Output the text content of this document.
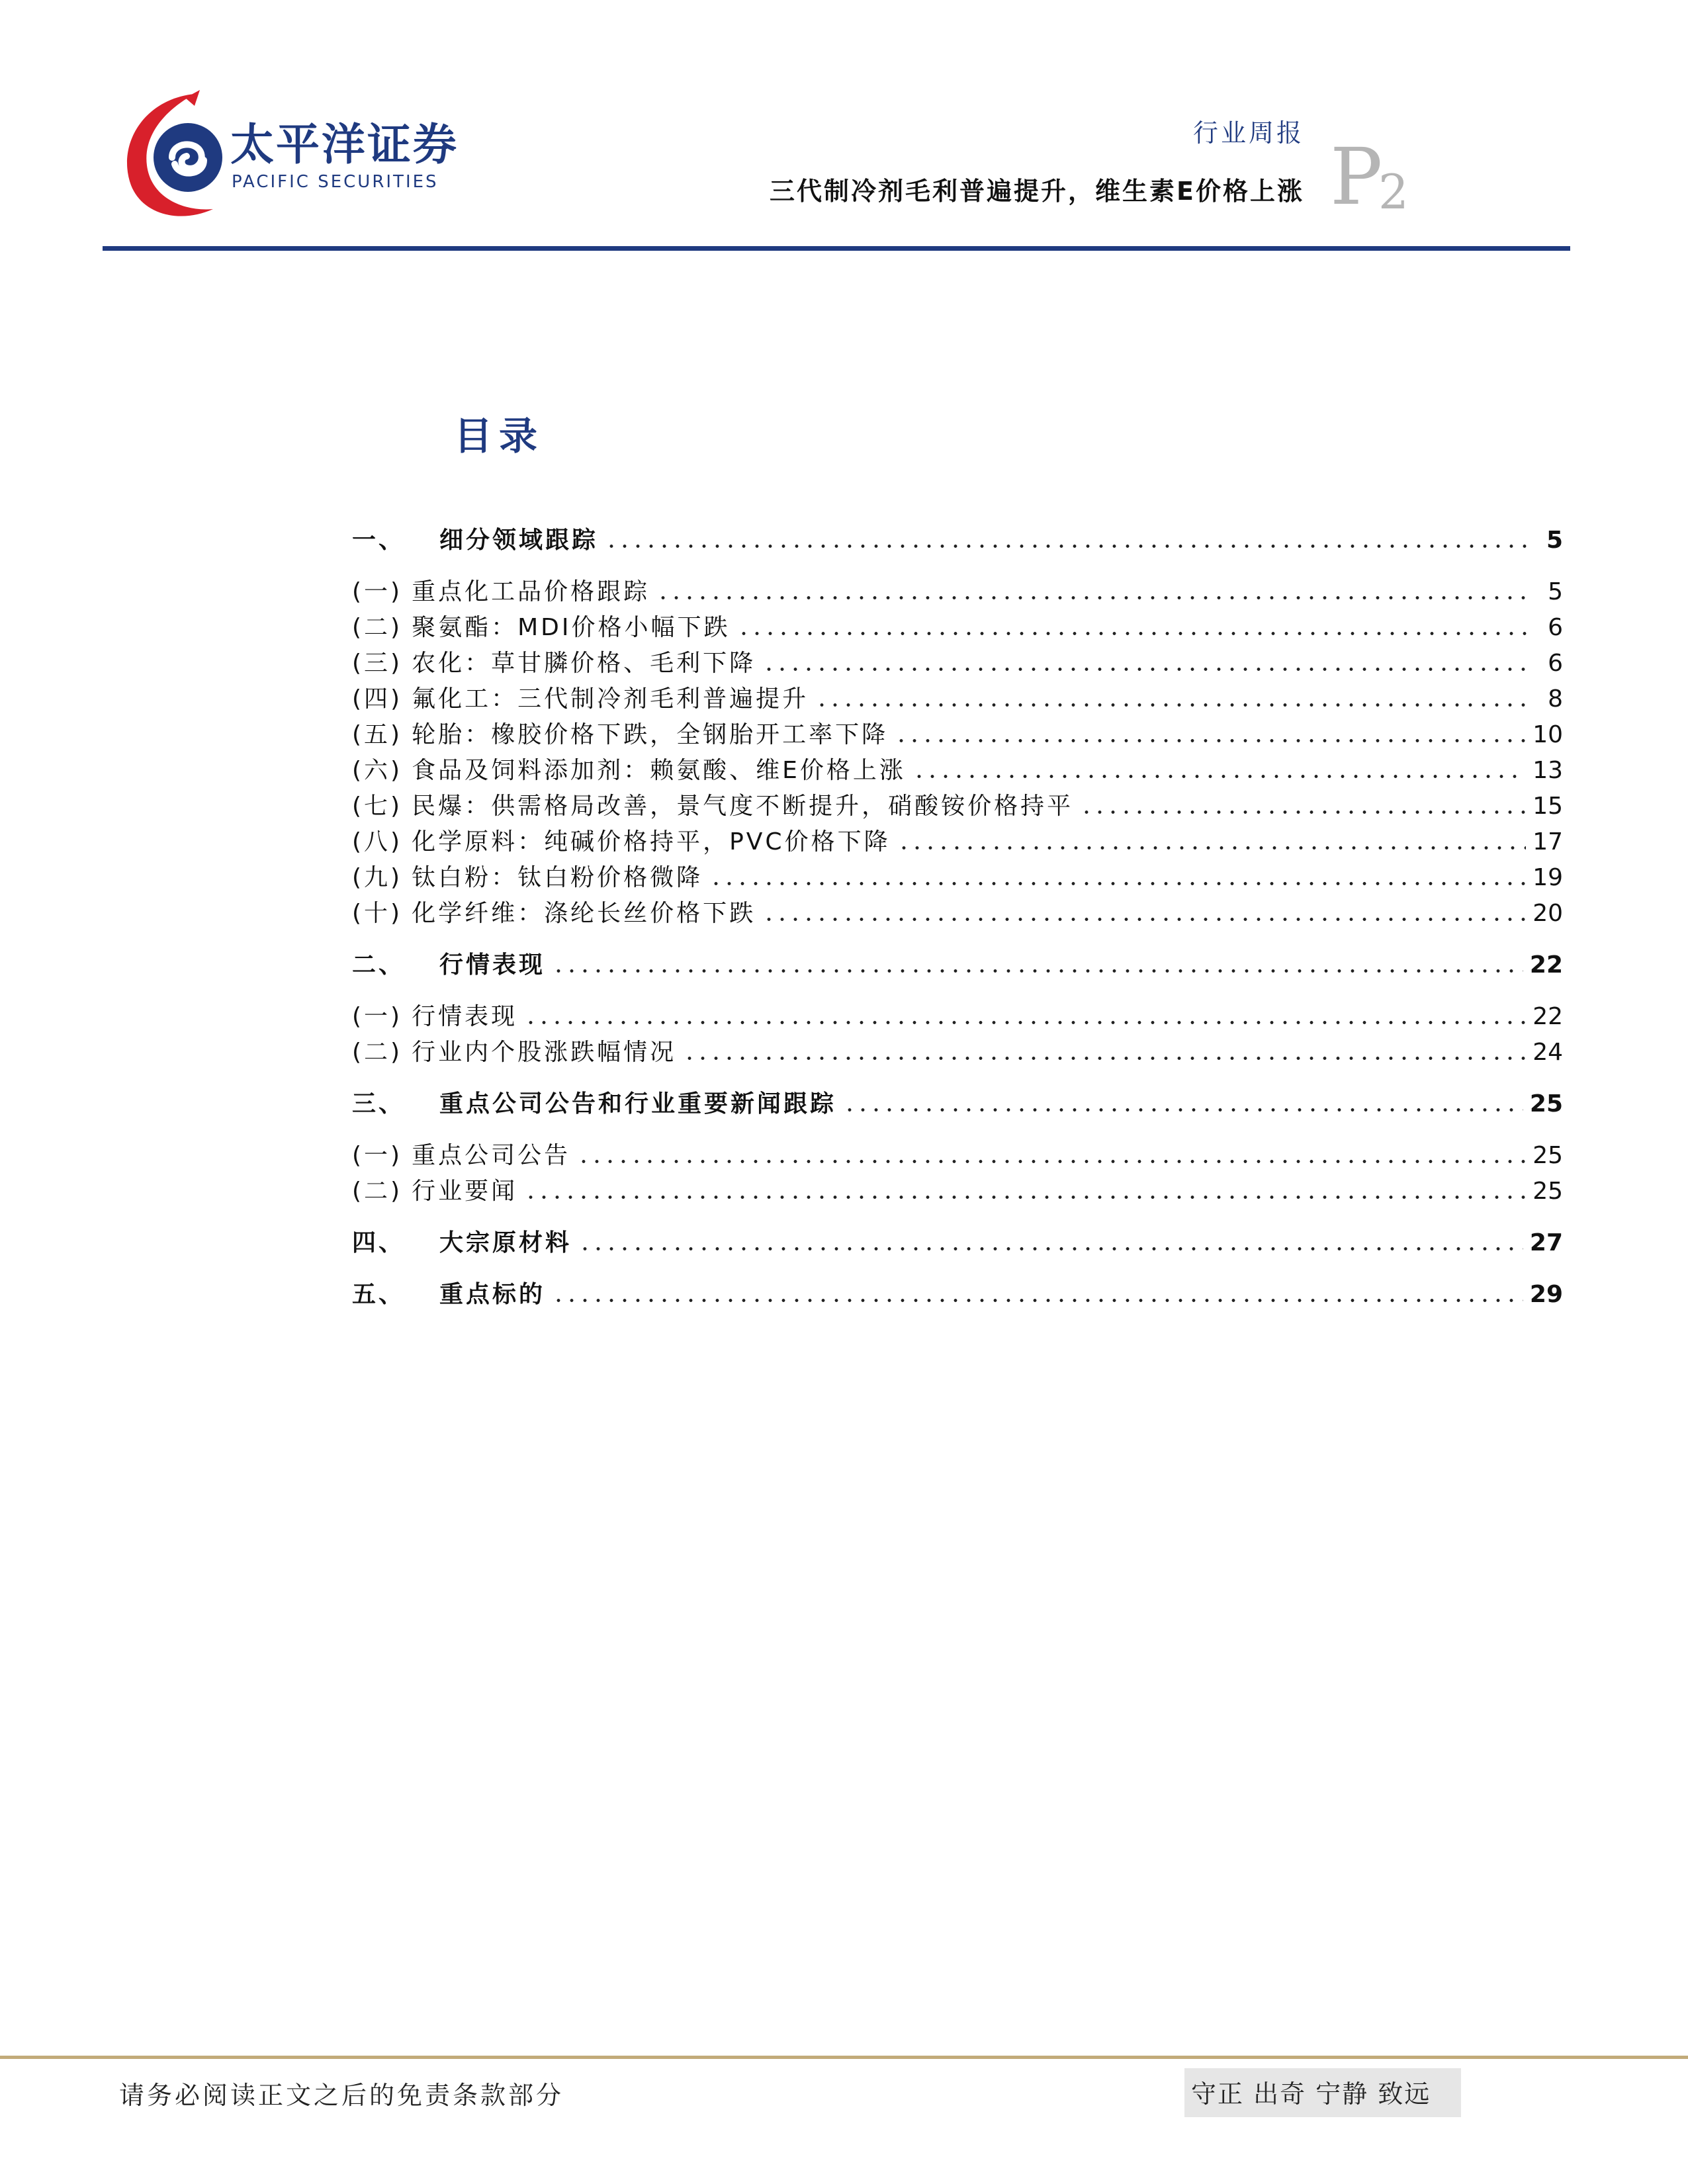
太平洋证券
PACIFIC SECURITIES
行业周报
三代制冷剂毛利普遍提升，维生素E价格上涨 P
2
目录
一、	细分领域跟踪	5
(一) 重点化工品价格跟踪	5
(二) 聚氨酯：MDI价格小幅下跌	6
(三) 农化：草甘膦价格、毛利下降	6
(四) 氟化工：三代制冷剂毛利普遍提升	8
(五) 轮胎：橡胶价格下跌，全钢胎开工率下降	10
(六) 食品及饲料添加剂：赖氨酸、维E价格上涨	13
(七) 民爆：供需格局改善，景气度不断提升，硝酸铵价格持平	15
(八) 化学原料：纯碱价格持平，PVC价格下降	17
(九) 钛白粉：钛白粉价格微降	19
(十) 化学纤维：涤纶长丝价格下跌	20
二、	行情表现	22
(一) 行情表现	22
(二) 行业内个股涨跌幅情况	24
三、	重点公司公告和行业重要新闻跟踪	25
(一) 重点公司公告	25
(二) 行业要闻	25
四、	大宗原材料	27
五、	重点标的	29
请务必阅读正文之后的免责条款部分	守正 出奇 宁静 致远
